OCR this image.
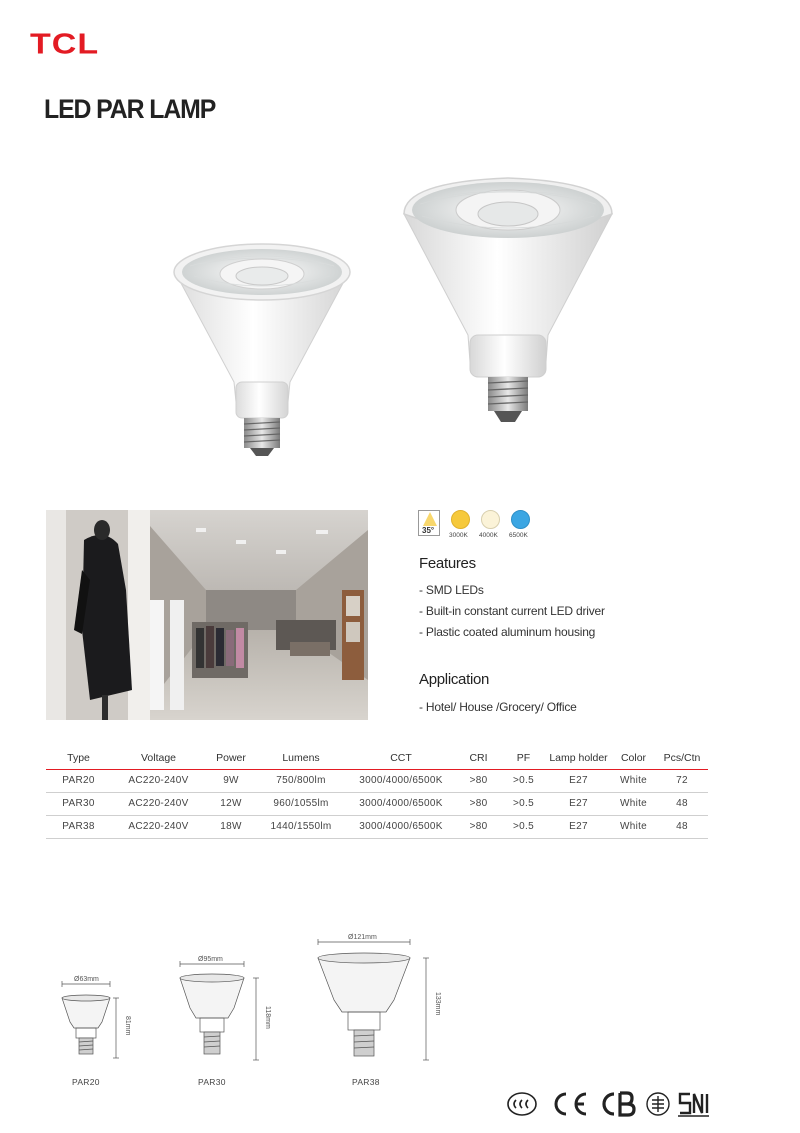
TCL
LED PAR LAMP
35°
3000K 4000K 6500K
Features
- SMD LEDs
- Built-in constant current LED driver
- Plastic coated aluminum housing
Application
- Hotel/ House /Grocery/ Office
Type	Voltage	Power	Lumens	CCT	CRI	PF	Lamp holder	Color	Pcs/Ctn
PAR20	AC220-240V	9W	750/800lm	3000/4000/6500K	>80	>0.5	E27	White	72
PAR30	AC220-240V	12W	960/1055lm	3000/4000/6500K	>80	>0.5	E27	White	48
PAR38	AC220-240V	18W	1440/1550lm	3000/4000/6500K	>80	>0.5	E27	White	48
Ø63mm
81mm
PAR20
Ø95mm
118mm
PAR30
Ø121mm
133mm
PAR38
